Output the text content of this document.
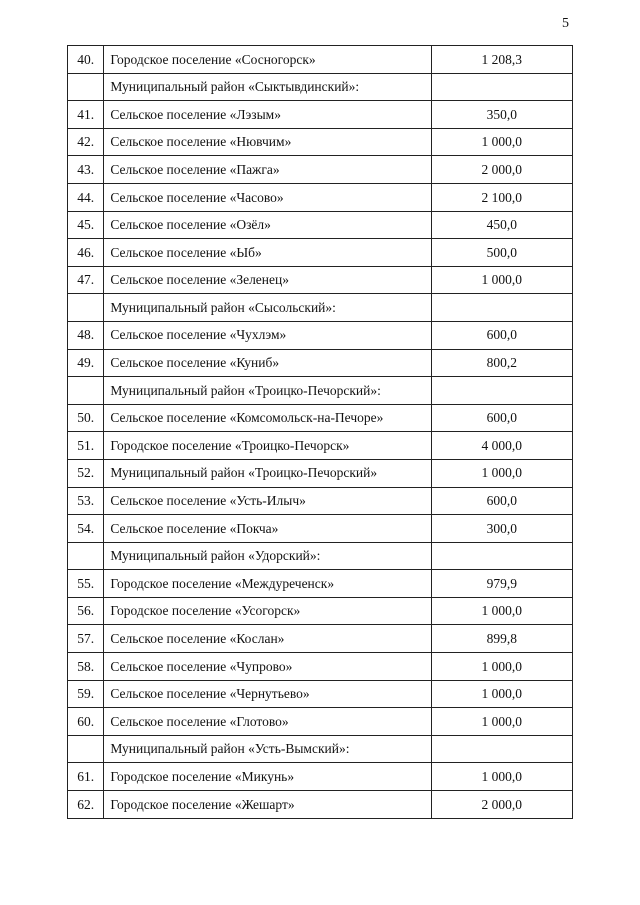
5
40.	Городское поселение «Сосногорск»	1 208,3
	Муниципальный район «Сыктывдинский»:	
41.	Сельское поселение «Лэзым»	350,0
42.	Сельское поселение «Нювчим»	1 000,0
43.	Сельское поселение «Пажга»	2 000,0
44.	Сельское поселение «Часово»	2 100,0
45.	Сельское поселение «Озёл»	450,0
46.	Сельское поселение «Ыб»	500,0
47.	Сельское поселение «Зеленец»	1 000,0
	Муниципальный район «Сысольский»:	
48.	Сельское поселение «Чухлэм»	600,0
49.	Сельское поселение «Куниб»	800,2
	Муниципальный район «Троицко-Печорский»:	
50.	Сельское поселение «Комсомольск-на-Печоре»	600,0
51.	Городское поселение «Троицко-Печорск»	4 000,0
52.	Муниципальный район «Троицко-Печорский»	1 000,0
53.	Сельское поселение «Усть-Илыч»	600,0
54.	Сельское поселение «Покча»	300,0
	Муниципальный район «Удорский»:	
55.	Городское поселение «Междуреченск»	979,9
56.	Городское поселение «Усогорск»	1 000,0
57.	Сельское поселение «Кослан»	899,8
58.	Сельское поселение «Чупрово»	1 000,0
59.	Сельское поселение «Чернутьево»	1 000,0
60.	Сельское поселение «Глотово»	1 000,0
	Муниципальный район «Усть-Вымский»:	
61.	Городское поселение «Микунь»	1 000,0
62.	Городское поселение «Жешарт»	2 000,0
